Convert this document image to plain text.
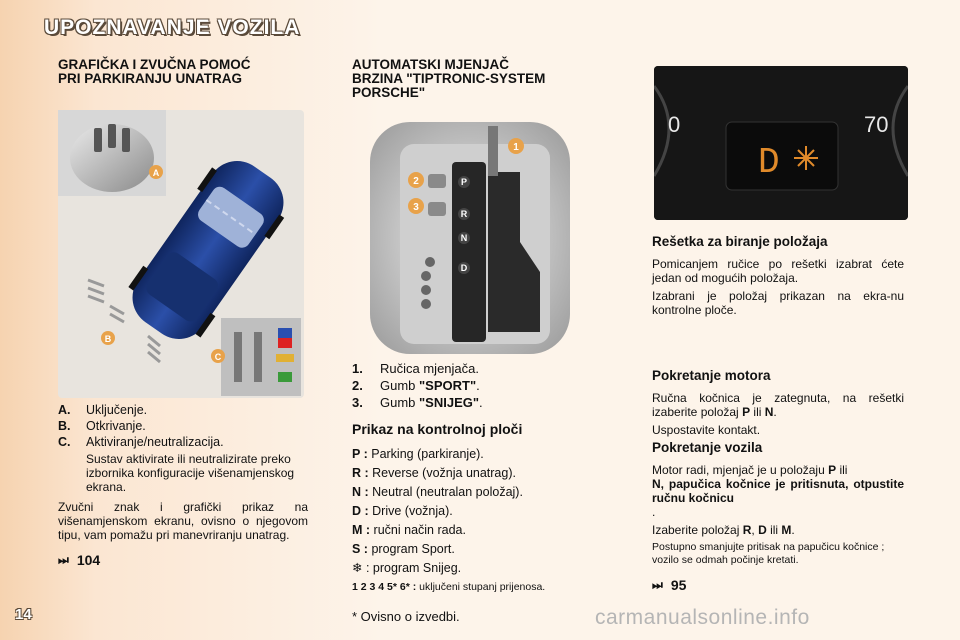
UPOZNAVANJE VOZILA
GRAFIČKA I ZVUČNA POMOĆ
PRI PARKIRANJU UNATRAG
A
B
C
A.	Uključenje.
B.	Otkrivanje.
C.	Aktiviranje/neutralizacija.

Sustav aktivirate ili neutralizirate preko izbornika konfiguracije višenamjenskog ekrana.

Zvučni znak i grafički prikaz na višenamjenskom ekranu, ovisno o njegovom tipu, vam pomažu pri manevriranju unatrag.

⏭ 104
AUTOMATSKI MJENJAČ
BRZINA "TIPTRONIC-SYSTEM
PORSCHE"
1
2
3
P
R
N
D
1.	Ručica mjenjača.
2.	Gumb "SPORT".
3.	Gumb "SNIJEG".
Prikaz na kontrolnoj ploči
P : Parking (parkiranje).
R : Reverse (vožnja unatrag).
N : Neutral (neutralan položaj).
D : Drive (vožnja).
M : ručni način rada.
S : program Sport.
❄ : program Snijeg.

1 2 3 4 5* 6* : uključeni stupanj prijenosa.

* Ovisno o izvedbi.

0	70
D
Rešetka za biranje položaja

Pomicanjem ručice po rešetki izabrat ćete jedan od mogućih položaja.

Izabrani je položaj prikazan na ekra-nu kontrolne ploče.

Pokretanje motora

Ručna kočnica je zategnuta, na rešetki izaberite položaj P ili N.

Uspostavite kontakt.

Pokretanje vozila

Motor radi, mjenjač je u položaju P ili
N, papučica kočnice je pritisnuta, otpustite ručnu kočnicu
.

Izaberite položaj R, D ili M.

Postupno smanjujte pritisak na papučicu kočnice ; vozilo se odmah počinje kretati.

⏭ 95
14	carmanualsonline.info
